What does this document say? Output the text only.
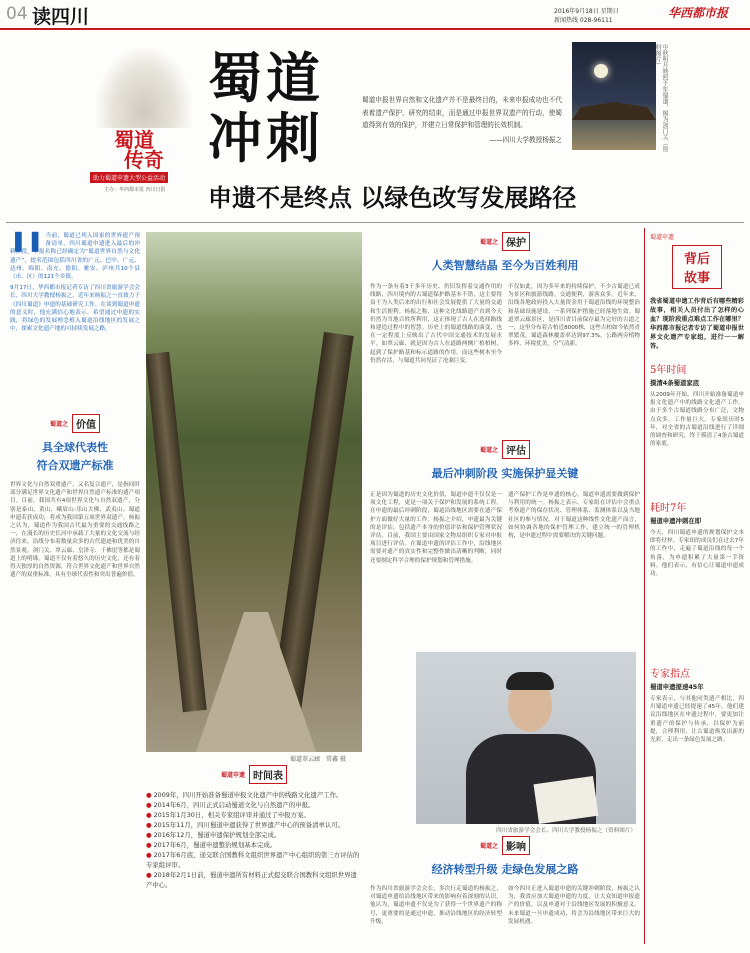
04 读四川	2016年9月18日 星期日
新闻热线 028-96111
华西都市报
蜀道
传奇
助力蜀道申遗大型公益活动
主办：华西都市报 四川日报
蜀道
冲刺

蜀道申报世界自然和文化遗产并不是最终目的，未来申报成功也不代表着遗产保护、研究的结束，而是通过申报世界双遗产的行动，使蜀道得到有效的保护，并建立日常保护和管理的长效机制。

——四川大学教授杨振之	中秋明月映照千年蜀道，图为剑门关（资料图片）
申遗不是终点 以绿色改写发展路径
❚❚ 当前，蜀道已列入国家的世界遗产预备清单，四川蜀道申遗进入最后的冲刺阶段。申报名称已经确定为“蜀道世界自然与文化遗产”，提名范围包括四川省的广元、巴中、广元、达州、绵阳、南充、德阳、雅安、泸州共10个县（市、区）的121个乡镇。

9月17日，华西都市报记者专访了四川省旅游学会会长、四川大学教授杨振之，近年来杨振之一直致力于《四川蜀道》申遗的基础研究工作。在谈到蜀道申遗的意义时，他充满信心地表示，希望通过申遗的实践，将绿色的发展理念植入蜀道沿线地区的发展之中，探索文化遗产地的可持续发展之路。

蜀道之 价值
具全球代表性
符合双遗产标准

世界文化与自然双重遗产，又名复合遗产，是指同时部分满足世界文化遗产和世界自然遗产标准的遗产项目。目前，我国共有4项世界文化与自然双遗产，分别是泰山、黄山、峨眉山-乐山大佛、武夷山。蜀道申遗若获成功，将成为我国第五项世界双遗产。杨振之认为，蜀道作为我国古代最为重要的交通线路之一，在漫长的历史长河中承载了大量的文化交流与经济往来，沿线分布着数量众多的古代遗迹和优美的自然景观。剑门关、翠云廊、皇泽寺、千佛崖等都是蜀道上的明珠。蜀道不仅有着悠久的历史文化，还有着得天独厚的自然资源，符合世界文化遗产和世界自然遗产的双重标准，具有全球代表性和突出普遍价值。

蜀道翠云廊 常鑫 摄
蜀道申遗 时间表
● 2009年，四川开始准备蜀道申报文化遗产中的线路文化遗产工作。
● 2014年6月，四川正式启动蜀道文化与自然遗产的申报。
● 2015年1月30日，相关专家组评审并通过了申报方案。
● 2015年11月，四川蜀道申遗获得了世界遗产中心的预备清单认可。
● 2016年12月，蜀道申遗保护规划全部完成。
● 2017年6月，蜀道申遗整治规划基本完成。
● 2017年6月底，递交联合国教科文组织世界遗产中心组织的第三方评估的专家组评审。
● 2018年2月1日前，蜀道申遗所有材料正式提交联合国教科文组织世界遗产中心。
蜀道之 保护
人类智慧结晶 至今为百姓利用

作为一条有着3千多年历史、仍旧发挥着交通作用的线路，四川境内的古蜀道保护路基本不错，这主要得益于为人类后来的出行和社会发展提供了大量的交通和生活便利。杨振之称，这种文化线路遗产直到今天仍然为当地百姓所利用，这正体现了古人在选择路线和建造过程中的智慧。历史上的蜀道线路的演变，也在一定程度上反映出了古代中国交通技术的发展水平。如翠云廊，就是因为古人在道路两侧广植柏树，起到了保护路基和标示道路的作用，而这些树木至今仍然存活，与蜀道共同见证了沧桑巨变。

不仅如此，因为多年来的持续保护，不少古蜀道已成为景区和旅游线路，交通便利，游客众多。近年来，沿线各地政府投入大量资金用于蜀道沿线的环境整治和基础设施建设，一系列保护措施已经落地生效。蜀道翠云廊景区，是四川省目前保存最为完好的古道之一，这里分布着古柏近8000株，这些古柏如今依然青翠繁茂。蜀道森林覆盖率达到97.3%，公路两旁植物多样，环境优美，空气清新。

蜀道之 评估
最后冲刺阶段 实施保护显关键

正是因为蜀道的历史文化价值，蜀道申遗不仅仅是一项文化工程，更是一项关于保护和发展的系统工程。在申遗的最后冲刺阶段，蜀道沿线地区需要在遗产保护方面做好大量的工作。杨振之介绍，申遗最为关键的是评估，包括遗产本身的价值评估和保护管理状况评估。目前，我国主要由国家文物局组织专家对申报项目进行评估。在蜀道申遗的评估工作中，沿线地区需要对遗产的真实性和完整性做出清晰的判断，同时还要制定科学合理的保护规划和管理措施。

遗产保护工作是申遗的核心，蜀道申遗需要做到保护与利用的统一。杨振之表示，专家组在评估中会重点考察遗产的保存状况、管理体系、监测体系以及当地社区的参与情况。对于蜀道这种线性文化遗产而言，如何协调各地的保护管理工作，建立统一的管理机构，是申遗过程中需要解决的关键问题。

四川省旅游学会会长、四川大学教授杨振之（资料图片）
蜀道之 影响
经济转型升级 走绿色发展之路

作为四川省旅游学会会长，多次行走蜀道的杨振之，对蜀道申遗给沿线地区带来的影响有着深刻的认识。他认为，蜀道申遗不仅是为了获得一个世界遗产的称号，更重要的是通过申遗，推动沿线地区的经济转型升级。

如今四川正进入蜀道申遗的关键冲刺阶段，杨振之认为，我省应加大蜀道申遗的力度，让大众知道申报遗产的价值，以及申遗对于沿线地区发展的积极意义。未来蜀道一旦申遗成功，将会为沿线地区带来巨大的发展机遇。

蜀道申遗
背后
故事

我省蜀道申遗工作背后有哪些精彩故事，相关人员付出了怎样的心血？现阶段重点难点工作在哪里？华西都市报记者专访了蜀道申报世界文化遗产专家组，进行一一解答。

5年时间
摸清4条蜀道家底

从2009年开始，四川开始准备蜀道申报文化遗产中的线路文化遗产工作。由于多个古蜀道线路分布广泛，文物点众多，工作量巨大。专家组历时5年，对全省的古蜀道沿线进行了详细的调查和研究，终于摸清了4条古蜀道的家底。

耗时7年
蜀道申遗冲刺在即

今天，四川蜀道申遗的规划保护文本即将付梓。专家组的成员们在过去7年的工作中，走遍了蜀道沿线的每一个角落，为申遗积累了大量第一手资料。他们表示，有信心让蜀道申遗成功。

专家指点
蜀道申遗提速45年

专家表示，与其他同类遗产相比，四川蜀道申遗已经提速了45年。他们建议沿线地区在申遗过程中，要更加注重遗产的保护与传承，以保护为前提，合理利用，让古蜀道焕发出新的光彩，走出一条绿色发展之路。
